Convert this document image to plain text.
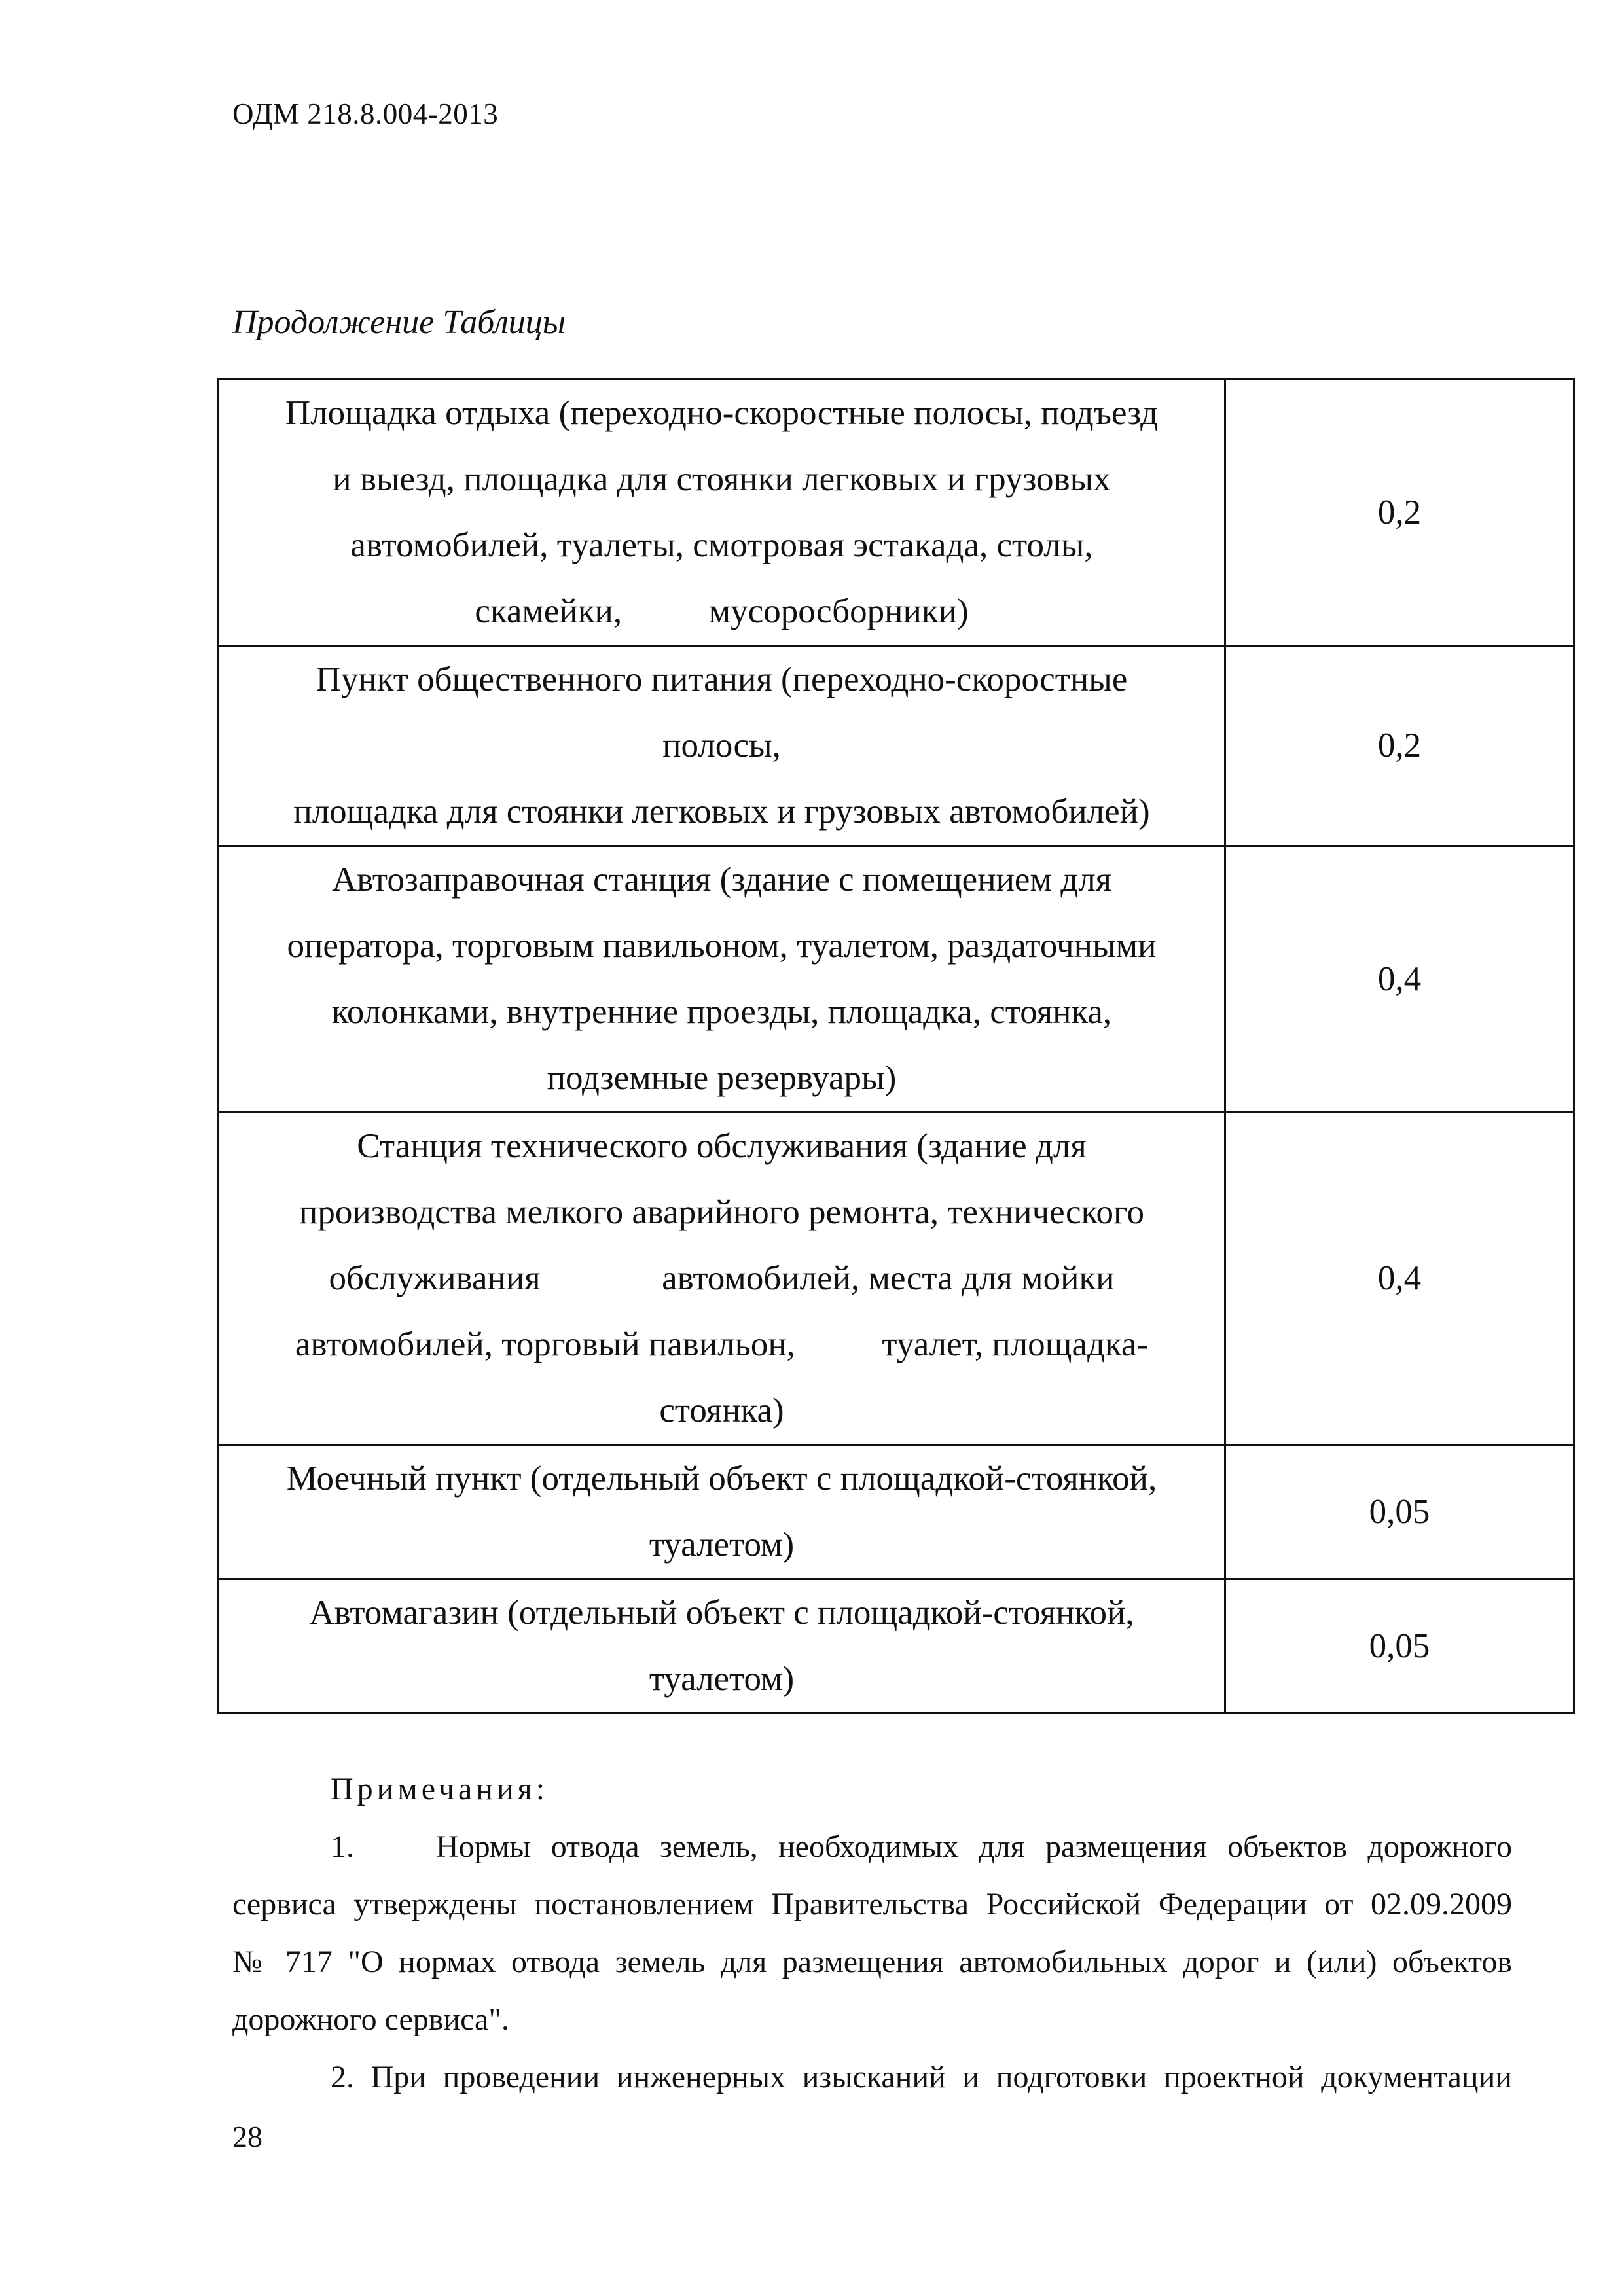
ОДМ 218.8.004-2013
Продолжение Таблицы
Площадка отдыха (переходно-скоростные полосы, подъезд
и выезд, площадка для стоянки легковых и грузовых
автомобилей, туалеты, смотровая эстакада, столы,
скамейки,          мусоросборники)	0,2

Пункт общественного питания (переходно-скоростные
полосы,
площадка для стоянки легковых и грузовых автомобилей)	0,2

Автозаправочная станция (здание с помещением для
оператора, торговым павильоном, туалетом, раздаточными
колонками, внутренние проезды, площадка, стоянка,
подземные резервуары)	0,4

Станция технического обслуживания (здание для
производства мелкого аварийного ремонта, технического
обслуживания              автомобилей, места для мойки
автомобилей, торговый павильон,          туалет, площадка-
стоянка)	0,4

Моечный пункт (отдельный объект с площадкой-стоянкой,
туалетом)	0,05

Автомагазин (отдельный объект с площадкой-стоянкой,
туалетом)	0,05
Примечания:
1.	Нормы отвода земель, необходимых для размещения объектов дорожного
сервиса утверждены постановлением Правительства Российской Федерации от 02.09.2009
№ 717 "О нормах отвода земель для размещения автомобильных дорог и (или) объектов
дорожного сервиса".
2. При проведении инженерных изысканий и подготовки проектной документации
28
